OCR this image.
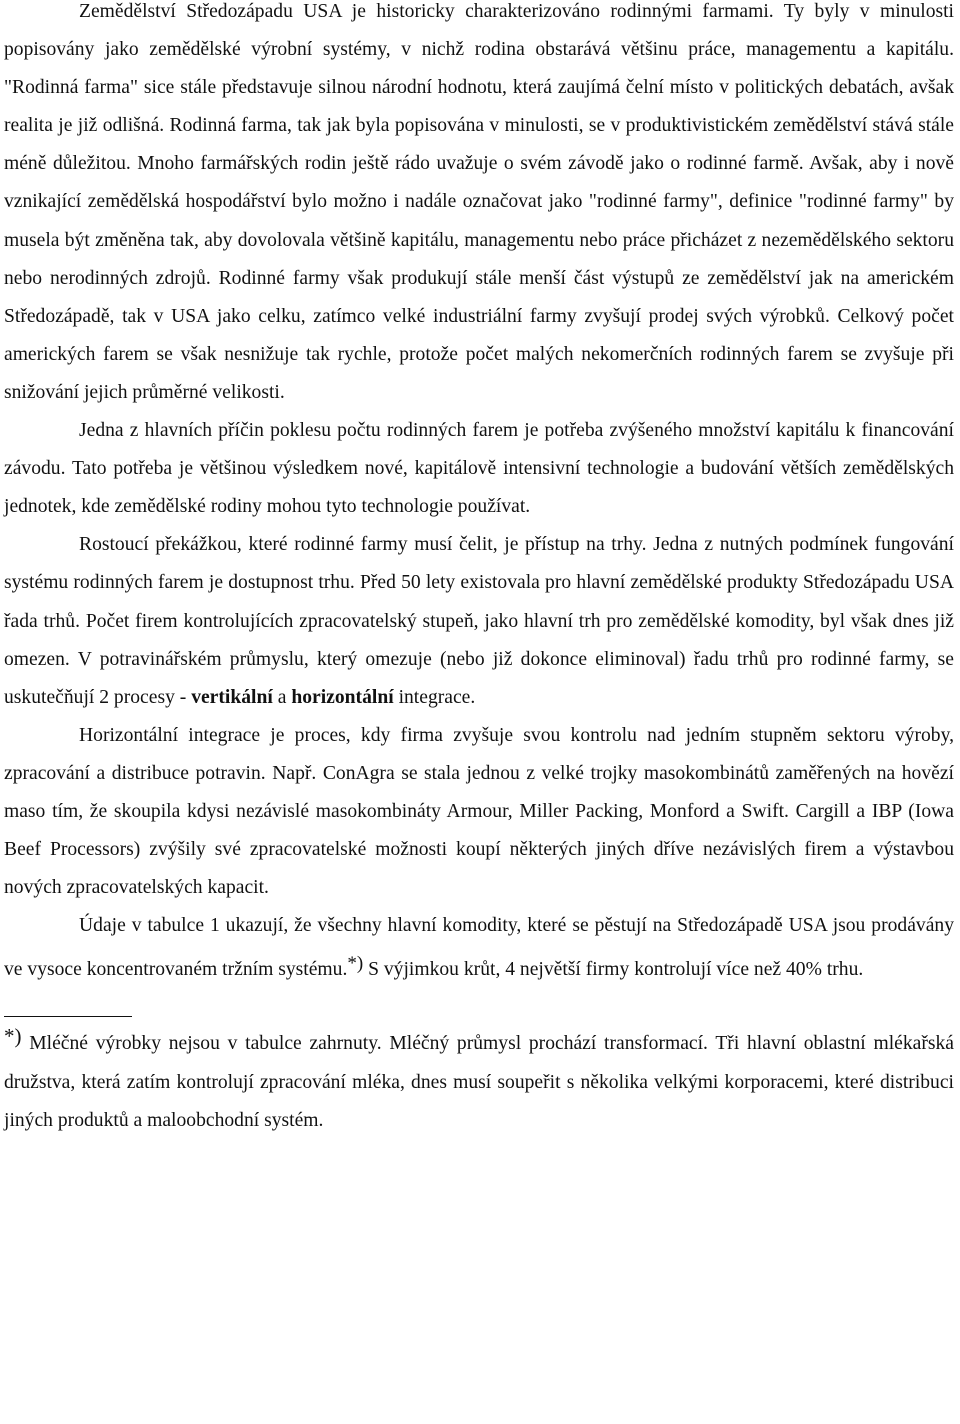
Zemědělství Středozápadu USA je historicky charakterizováno rodinnými farmami. Ty byly v minulosti popisovány jako zemědělské výrobní systémy, v nichž rodina obstarává většinu práce, managementu a kapitálu. "Rodinná farma" sice stále představuje silnou národní hodnotu, která zaujímá čelní místo v politických debatách, avšak realita je již odlišná. Rodinná farma, tak jak byla popisována v minulosti, se v produktivistickém zemědělství stává stále méně důležitou. Mnoho farmářských rodin ještě rádo uvažuje o svém závodě jako o rodinné farmě. Avšak, aby i nově vznikající zemědělská hospodářství bylo možno i nadále označovat jako "rodinné farmy", definice "rodinné farmy" by musela být změněna tak, aby dovolovala většině kapitálu, managementu nebo práce přicházet z nezemědělského sektoru nebo nerodinných zdrojů. Rodinné farmy však produkují stále menší část výstupů ze zemědělství jak na americkém Středozápadě, tak v USA jako celku, zatímco velké industriální farmy zvyšují prodej svých výrobků. Celkový počet amerických farem se však nesnižuje tak rychle, protože počet malých nekomerčních rodinných farem se zvyšuje při snižování jejich průměrné velikosti.

Jedna z hlavních příčin poklesu počtu rodinných farem je potřeba zvýšeného množství kapitálu k financování závodu. Tato potřeba je většinou výsledkem nové, kapitálově intensivní technologie a budování větších zemědělských jednotek, kde zemědělské rodiny mohou tyto technologie používat.

Rostoucí překážkou, které rodinné farmy musí čelit, je přístup na trhy. Jedna z nutných podmínek fungování systému rodinných farem je dostupnost trhu. Před 50 lety existovala pro hlavní zemědělské produkty Středozápadu USA řada trhů. Počet firem kontrolujících zpracovatelský stupeň, jako hlavní trh pro zemědělské komodity, byl však dnes již omezen. V potravinářském průmyslu, který omezuje (nebo již dokonce eliminoval) řadu trhů pro rodinné farmy, se uskutečňují 2 procesy - vertikální a horizontální integrace.

Horizontální integrace je proces, kdy firma zvyšuje svou kontrolu nad jedním stupněm sektoru výroby, zpracování a distribuce potravin. Např. ConAgra se stala jednou z velké trojky masokombinátů zaměřených na hovězí maso tím, že skoupila kdysi nezávislé masokombináty Armour, Miller Packing, Monford a Swift. Cargill a IBP (Iowa Beef Processors) zvýšily své zpracovatelské možnosti koupí některých jiných dříve nezávislých firem a výstavbou nových zpracovatelských kapacit.

Údaje v tabulce 1 ukazují, že všechny hlavní komodity, které se pěstují na Středozápadě USA jsou prodávány ve vysoce koncentrovaném tržním systému.*) S výjimkou krůt, 4 největší firmy kontrolují více než 40% trhu.

*) Mléčné výrobky nejsou v tabulce zahrnuty. Mléčný průmysl prochází transformací. Tři hlavní oblastní mlékařská družstva, která zatím kontrolují zpracování mléka, dnes musí soupeřit s několika velkými korporacemi, které distribuci jiných produktů a maloobchodní systém.
